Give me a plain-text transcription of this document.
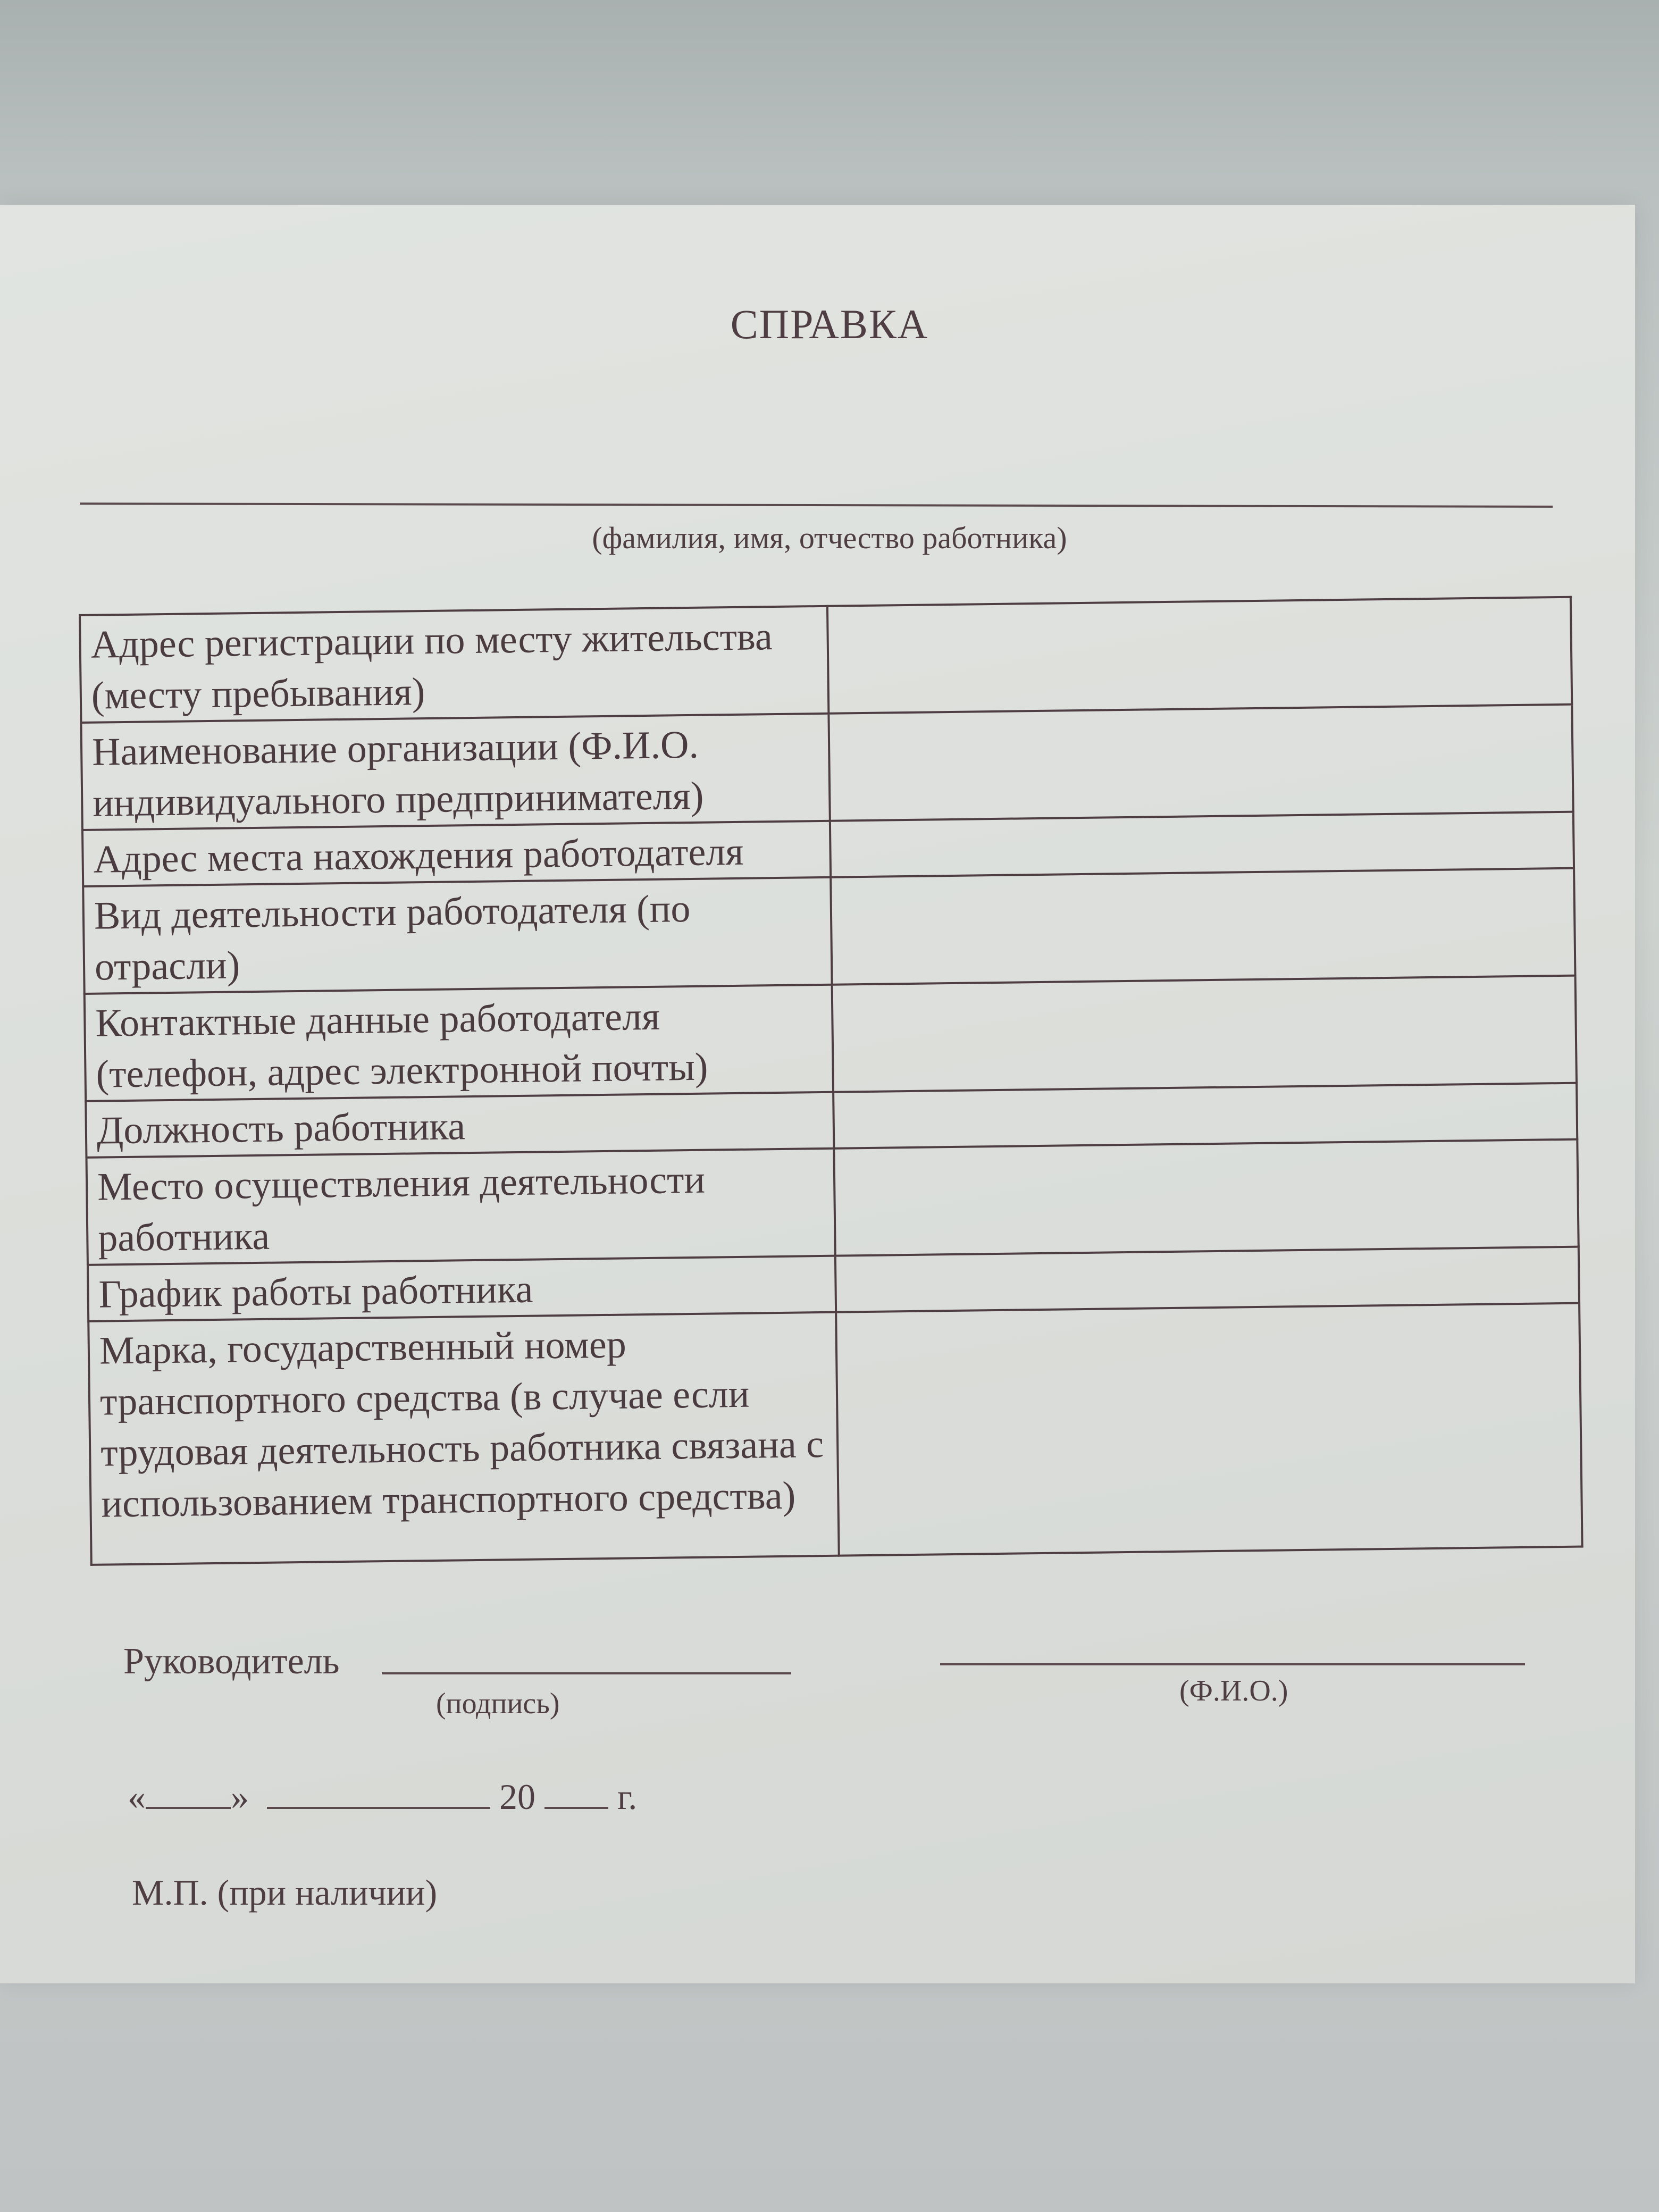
СПРАВКА
(фамилия, имя, отчество работника)
Адрес регистрации по месту жительства (месту пребывания)	
Наименование организации (Ф.И.О. индивидуального предпринимателя)	
Адрес места нахождения работодателя	
Вид деятельности работодателя (по отрасли)	
Контактные данные работодателя (телефон, адрес электронной почты)	
Должность работника	
Место осуществления деятельности работника	
График работы работника	
Марка, государственный номер транспортного средства (в случае если трудовая деятельность работника связана с использованием транспортного средства)	
Руководитель
(подпись)	(Ф.И.О.)
« »	20 г.
М.П. (при наличии)
